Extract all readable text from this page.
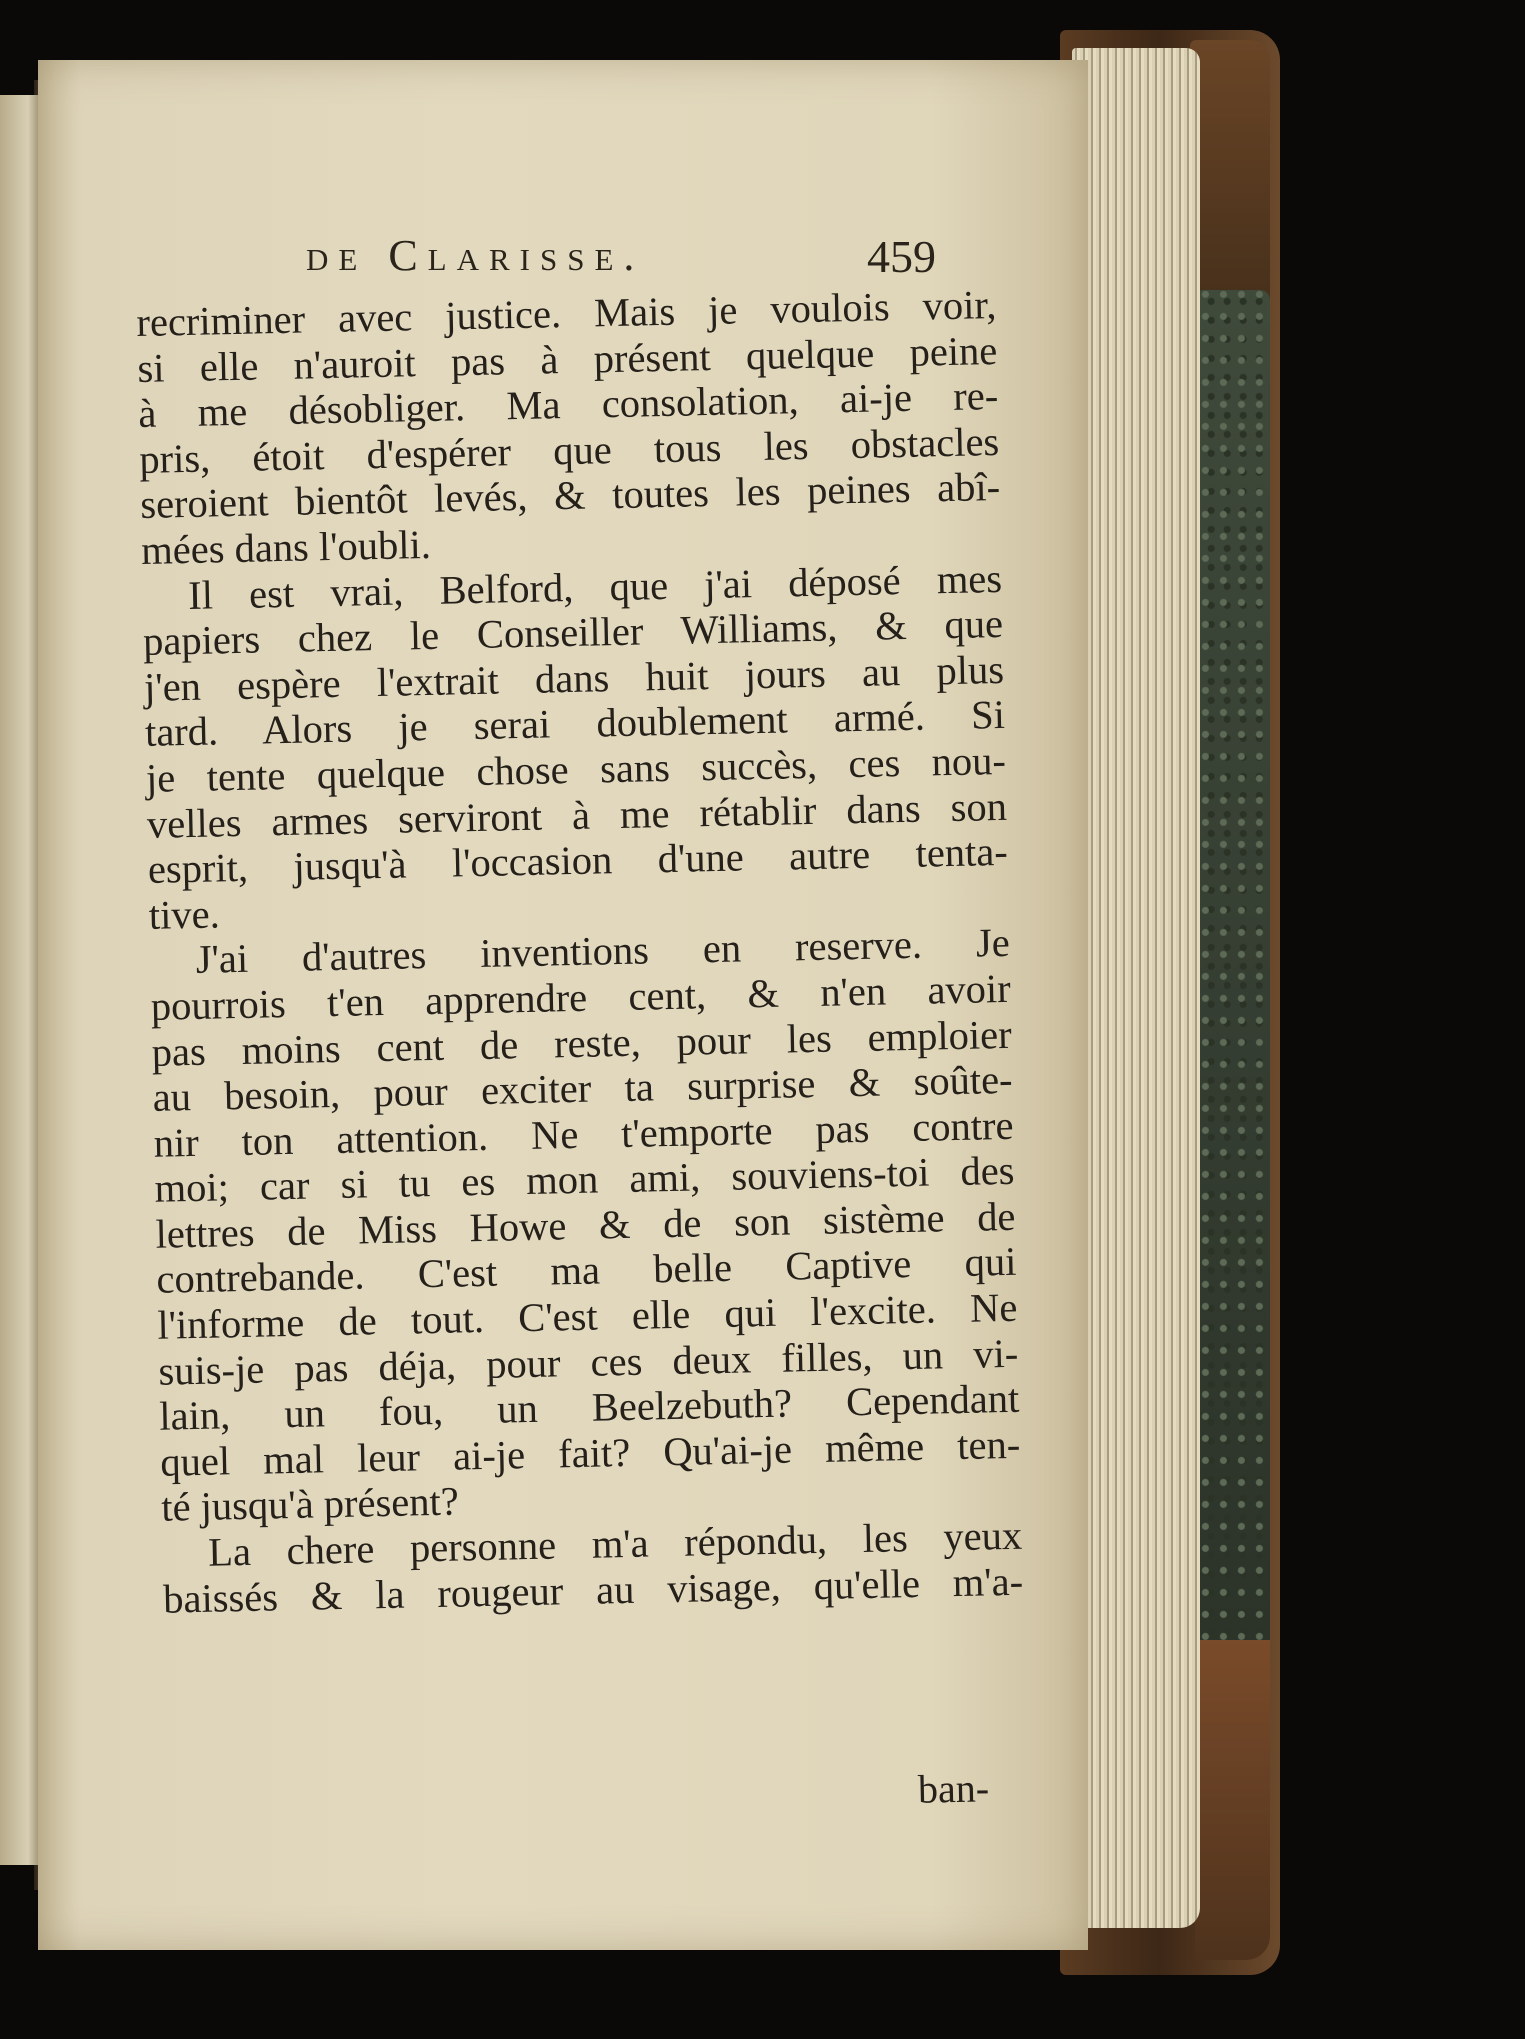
de Clarisse.	459
recriminer avec justice. Mais je voulois voir,
si elle n'auroit pas à présent quelque peine
à me désobliger. Ma consolation, ai-je re-
pris, étoit d'espérer que tous les obstacles
seroient bientôt levés, & toutes les peines abî-
mées dans l'oubli.
Il est vrai, Belford, que j'ai déposé mes
papiers chez le Conseiller Williams, & que
j'en espère l'extrait dans huit jours au plus
tard. Alors je serai doublement armé. Si
je tente quelque chose sans succès, ces nou-
velles armes serviront à me rétablir dans son
esprit, jusqu'à l'occasion d'une autre tenta-
tive.
J'ai d'autres inventions en reserve. Je
pourrois t'en apprendre cent, & n'en avoir
pas moins cent de reste, pour les emploier
au besoin, pour exciter ta surprise & soûte-
nir ton attention. Ne t'emporte pas contre
moi; car si tu es mon ami, souviens-toi des
lettres de Miss Howe & de son sistème de
contrebande. C'est ma belle Captive qui
l'informe de tout. C'est elle qui l'excite. Ne
suis-je pas déja, pour ces deux filles, un vi-
lain, un fou, un Beelzebuth? Cependant
quel mal leur ai-je fait? Qu'ai-je même ten-
té jusqu'à présent?
La chere personne m'a répondu, les yeux
baissés & la rougeur au visage, qu'elle m'a-
ban-
